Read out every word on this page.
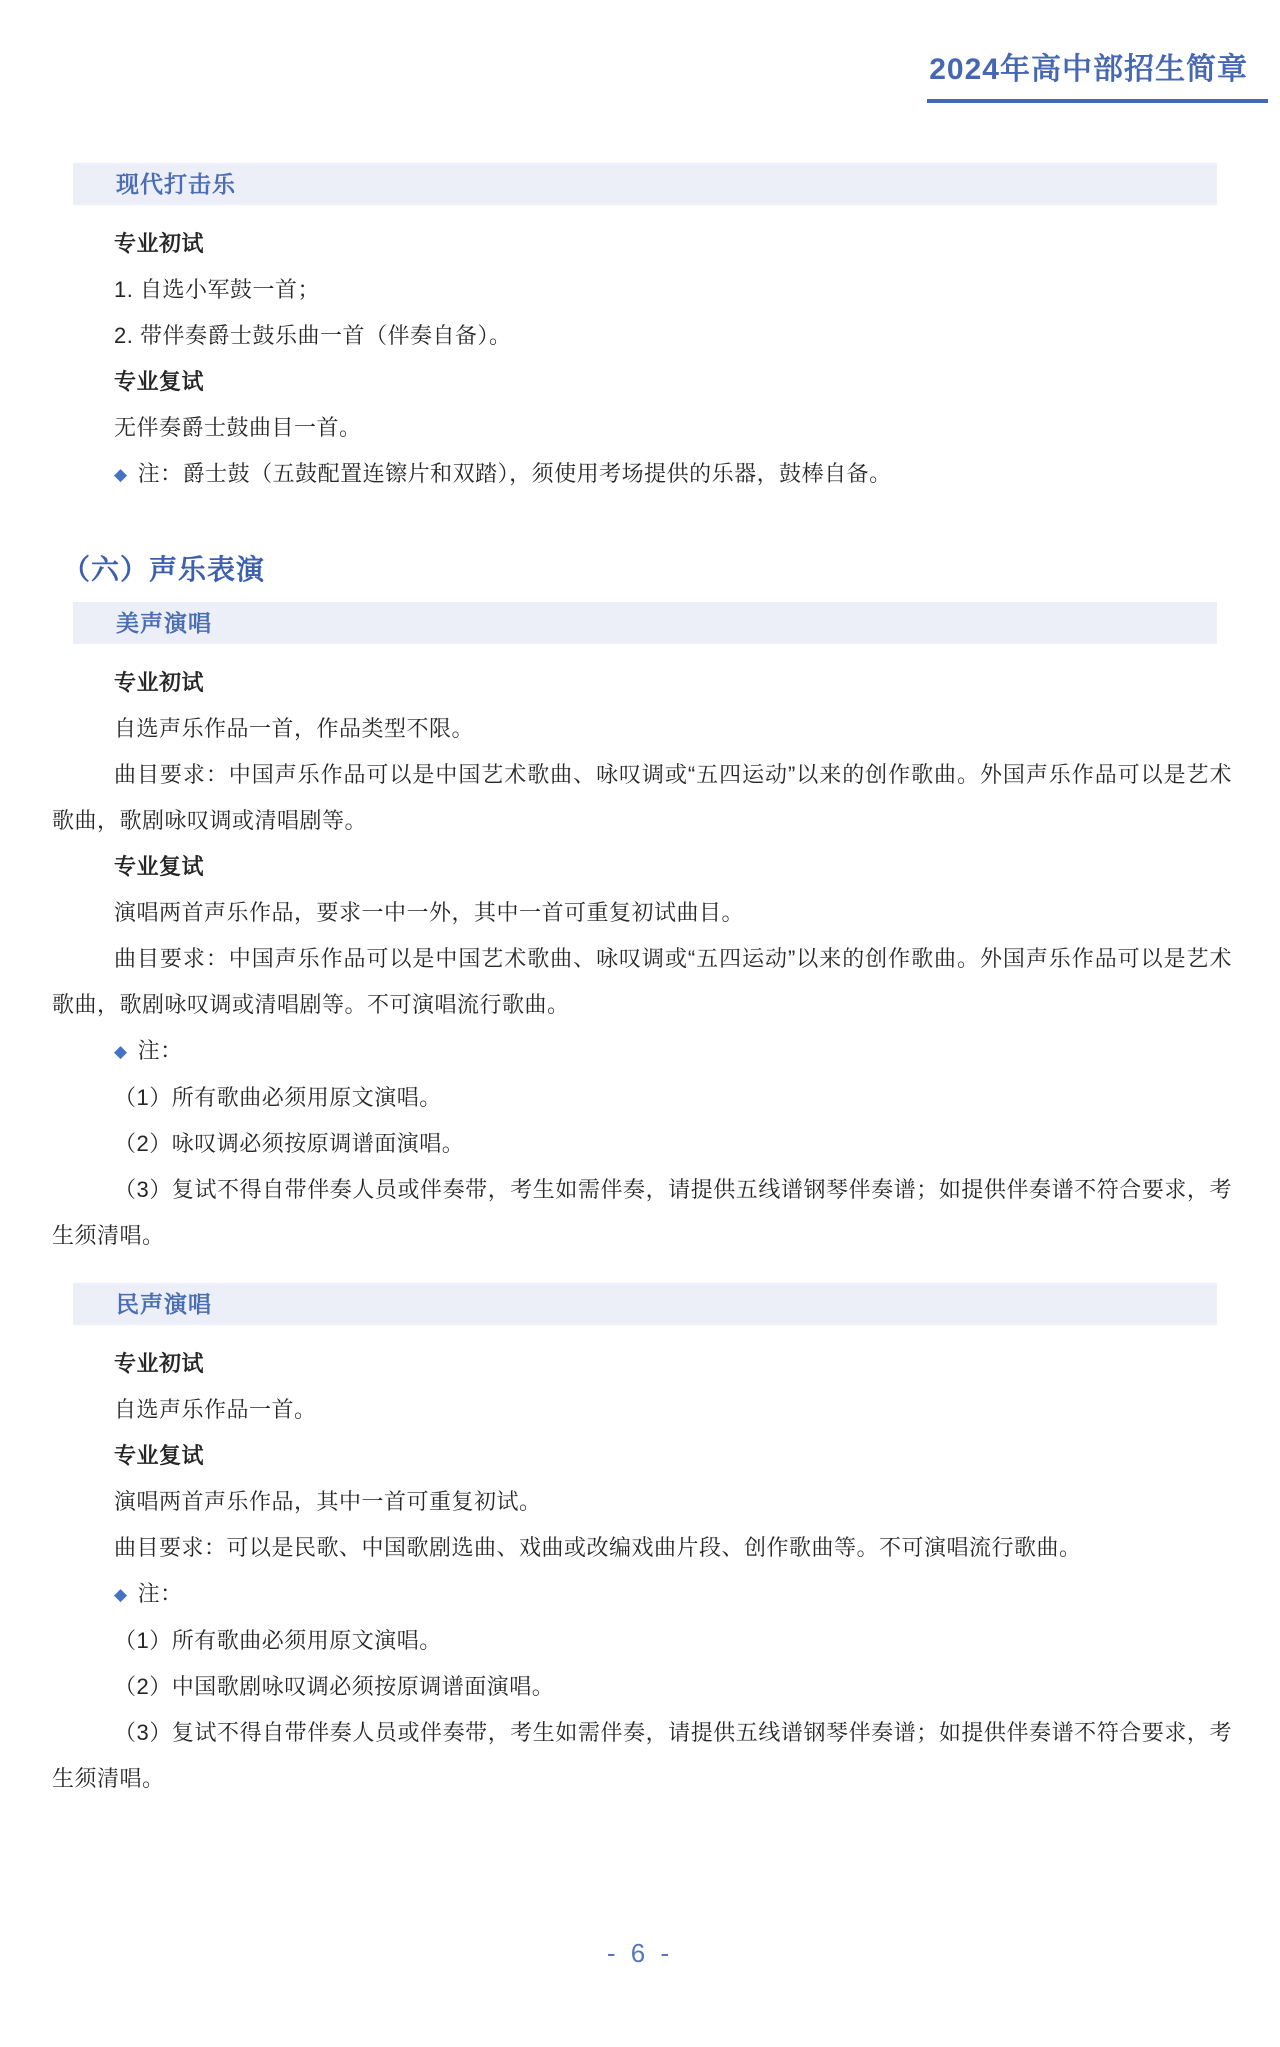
2024年高中部招生简章
现代打击乐

专业初试

1. 自选小军鼓一首；

2. 带伴奏爵士鼓乐曲一首（伴奏自备）。

专业复试

无伴奏爵士鼓曲目一首。

◆ 注：爵士鼓（五鼓配置连镲片和双踏），须使用考场提供的乐器，鼓棒自备。

（六）声乐表演
美声演唱

专业初试

自选声乐作品一首，作品类型不限。

曲目要求：中国声乐作品可以是中国艺术歌曲、咏叹调或“五四运动”以来的创作歌曲。外国声乐作品可以是艺术歌曲，歌剧咏叹调或清唱剧等。

专业复试

演唱两首声乐作品，要求一中一外，其中一首可重复初试曲目。

曲目要求：中国声乐作品可以是中国艺术歌曲、咏叹调或“五四运动”以来的创作歌曲。外国声乐作品可以是艺术歌曲，歌剧咏叹调或清唱剧等。不可演唱流行歌曲。

◆ 注：

（1）所有歌曲必须用原文演唱。

（2）咏叹调必须按原调谱面演唱。

（3）复试不得自带伴奏人员或伴奏带，考生如需伴奏，请提供五线谱钢琴伴奏谱；如提供伴奏谱不符合要求，考生须清唱。

民声演唱

专业初试

自选声乐作品一首。

专业复试

演唱两首声乐作品，其中一首可重复初试。

曲目要求：可以是民歌、中国歌剧选曲、戏曲或改编戏曲片段、创作歌曲等。不可演唱流行歌曲。

◆ 注：

（1）所有歌曲必须用原文演唱。

（2）中国歌剧咏叹调必须按原调谱面演唱。

（3）复试不得自带伴奏人员或伴奏带，考生如需伴奏，请提供五线谱钢琴伴奏谱；如提供伴奏谱不符合要求，考生须清唱。

- 6 -
